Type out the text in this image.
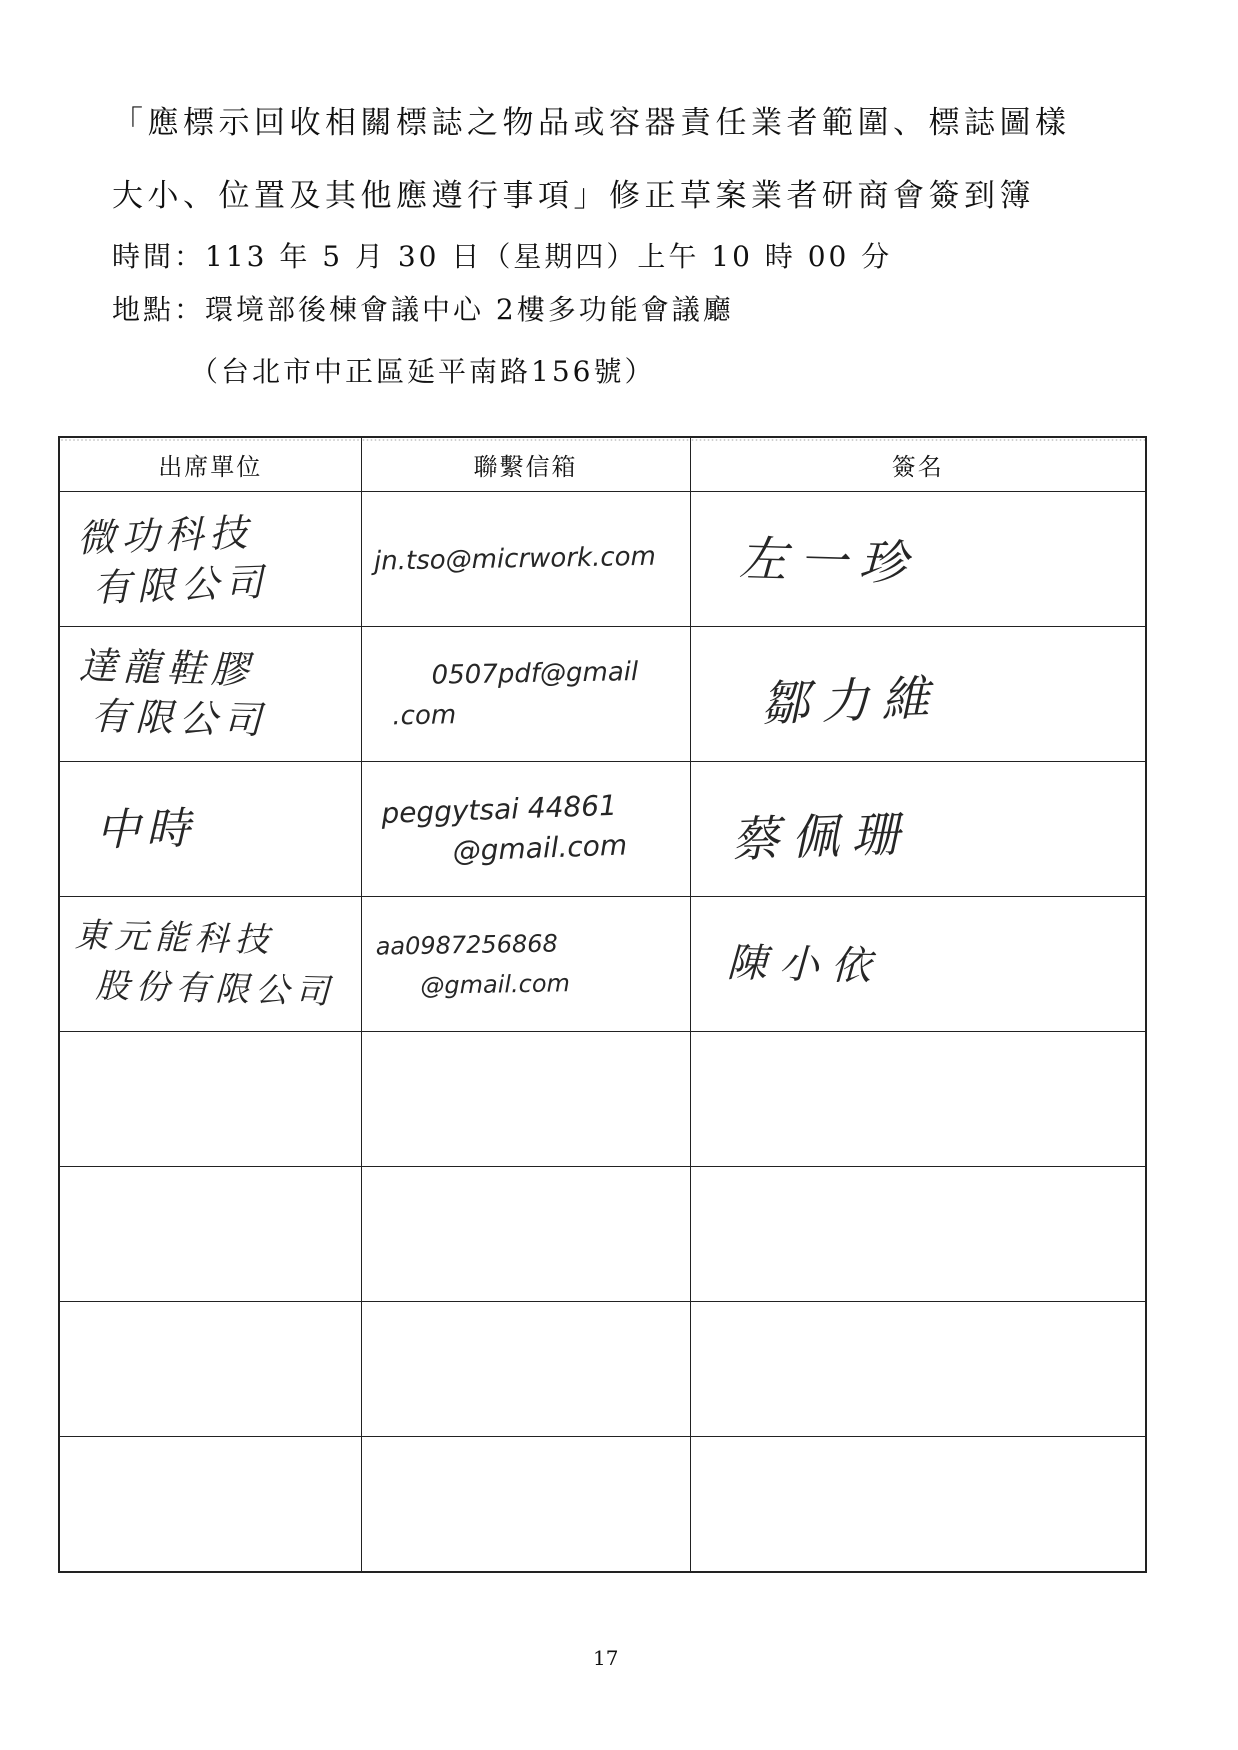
「應標示回收相關標誌之物品或容器責任業者範圍、標誌圖樣
大小、位置及其他應遵行事項」修正草案業者研商會簽到簿
時間：113 年 5 月 30 日（星期四）上午 10 時 00 分
地點：環境部後棟會議中心 2樓多功能會議廳
（台北市中正區延平南路156號）
出席單位	聯繫信箱	簽名

微功科技
有限公司	jn.tso@micrwork.com	左一珍

達龍鞋膠
有限公司	0507pdf@gmail
.com	鄒力維

中時	peggytsai 44861
@gmail.com	蔡佩珊

東元能科技
股份有限公司	aa0987256868
@gmail.com	陳小依

17
